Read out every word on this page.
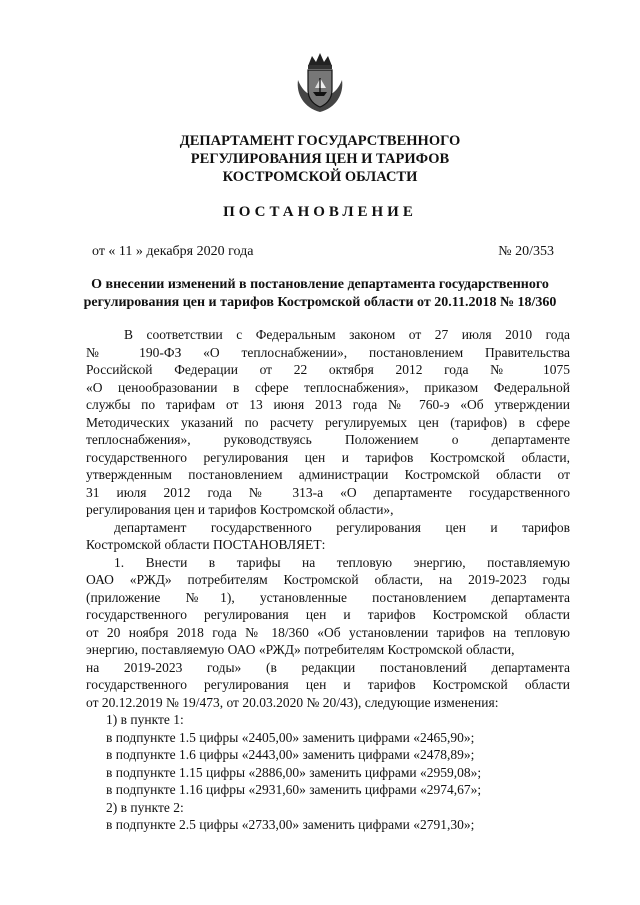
ДЕПАРТАМЕНТ ГОСУДАРСТВЕННОГО
РЕГУЛИРОВАНИЯ ЦЕН И ТАРИФОВ
КОСТРОМСКОЙ ОБЛАСТИ
ПОСТАНОВЛЕНИЕ
от « 11 » декабря 2020 года	№ 20/353
О внесении изменений в постановление департамента государственного
регулирования цен и тарифов Костромской области от 20.11.2018 № 18/360
В соответствии с Федеральным законом от 27 июля 2010 года
№ 190-ФЗ «О теплоснабжении», постановлением Правительства
Российской Федерации от 22 октября 2012 года № 1075
«О ценообразовании в сфере теплоснабжения», приказом Федеральной
службы по тарифам от 13 июня 2013 года № 760-э «Об утверждении
Методических указаний по расчету регулируемых цен (тарифов) в сфере
теплоснабжения», руководствуясь Положением о департаменте
государственного регулирования цен и тарифов Костромской области,
утвержденным постановлением администрации Костромской области от
31 июля 2012 года № 313-а «О департаменте государственного
регулирования цен и тарифов Костромской области»,
департамент государственного регулирования цен и тарифов
Костромской области ПОСТАНОВЛЯЕТ:
1. Внести в тарифы на тепловую энергию, поставляемую
ОАО «РЖД» потребителям Костромской области, на 2019-2023 годы
(приложение №1), установленные постановлением департамента
государственного регулирования цен и тарифов Костромской области
от 20 ноября 2018 года № 18/360 «Об установлении тарифов на тепловую
энергию, поставляемую ОАО «РЖД» потребителям Костромской области,
на 2019-2023 годы» (в редакции постановлений департамента
государственного регулирования цен и тарифов Костромской области
от 20.12.2019 № 19/473, от 20.03.2020 № 20/43), следующие изменения:
1) в пункте 1:
в подпункте 1.5 цифры «2405,00» заменить цифрами «2465,90»;
в подпункте 1.6 цифры «2443,00» заменить цифрами «2478,89»;
в подпункте 1.15 цифры «2886,00» заменить цифрами «2959,08»;
в подпункте 1.16 цифры «2931,60» заменить цифрами «2974,67»;
2) в пункте 2:
в подпункте 2.5 цифры «2733,00» заменить цифрами «2791,30»;
